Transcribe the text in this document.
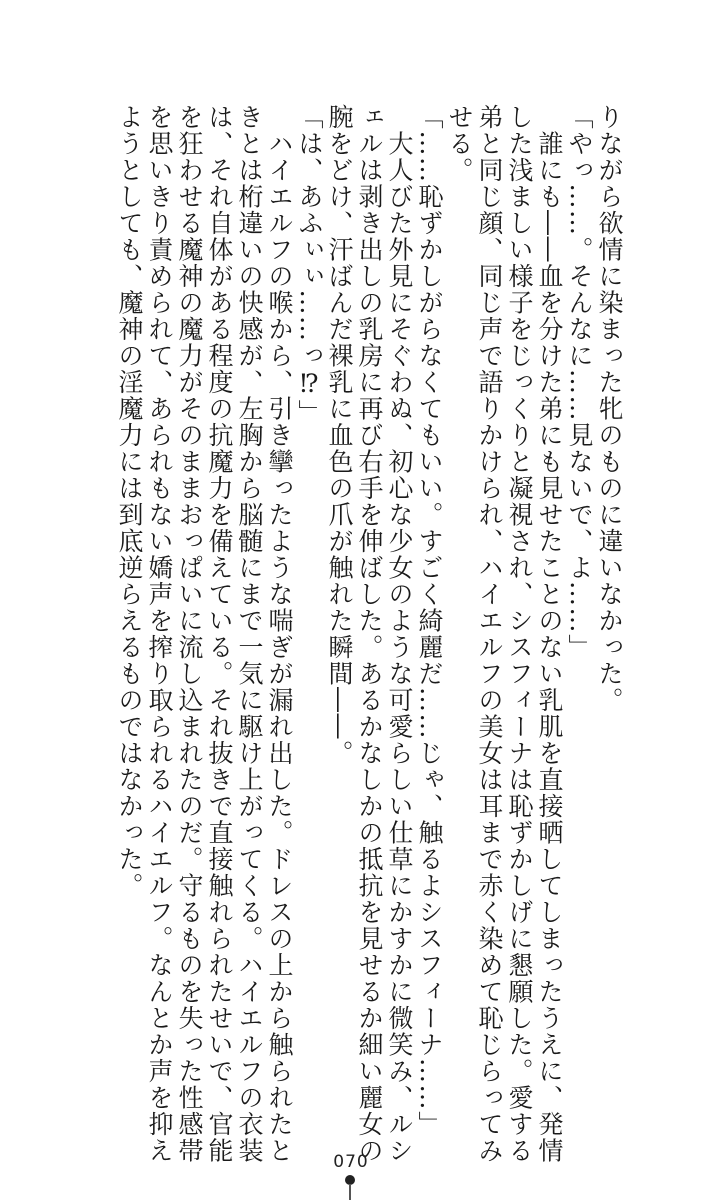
りながら欲情に染まった牝のものに違いなかった。
「やっ……。そんなに……見ないで、よ……」
　誰にも――血を分けた弟にも見せたことのない乳肌を直接晒してしまったうえに、発情
した浅ましい様子をじっくりと凝視され、シスフィーナは恥ずかしげに懇願した。愛する
弟と同じ顔、同じ声で語りかけられ、ハイエルフの美女は耳まで赤く染めて恥じらってみ
せる。
「……恥ずかしがらなくてもいい。すごく綺麗だ……じゃ、触るよシスフィーナ……」
　大人びた外見にそぐわぬ、初心な少女のような可愛らしい仕草にかすかに微笑み、ルシ
ェルは剥き出しの乳房に再び右手を伸ばした。あるかなしかの抵抗を見せるか細い麗女の
腕をどけ、汗ばんだ裸乳に血色の爪が触れた瞬間――。
「は、あふぃぃ……っ⁉」
　ハイエルフの喉から、引き攣ったような喘ぎが漏れ出した。ドレスの上から触られたと
きとは桁違いの快感が、左胸から脳髄にまで一気に駆け上がってくる。ハイエルフの衣装
は、それ自体がある程度の抗魔力を備えている。それ抜きで直接触れられたせいで、官能
を狂わせる魔神の魔力がそのままおっぱいに流し込まれたのだ。守るものを失った性感帯
を思いきり責められて、あられもない嬌声を搾り取られるハイエルフ。なんとか声を抑え
ようとしても、魔神の淫魔力には到底逆らえるものではなかった。
070
